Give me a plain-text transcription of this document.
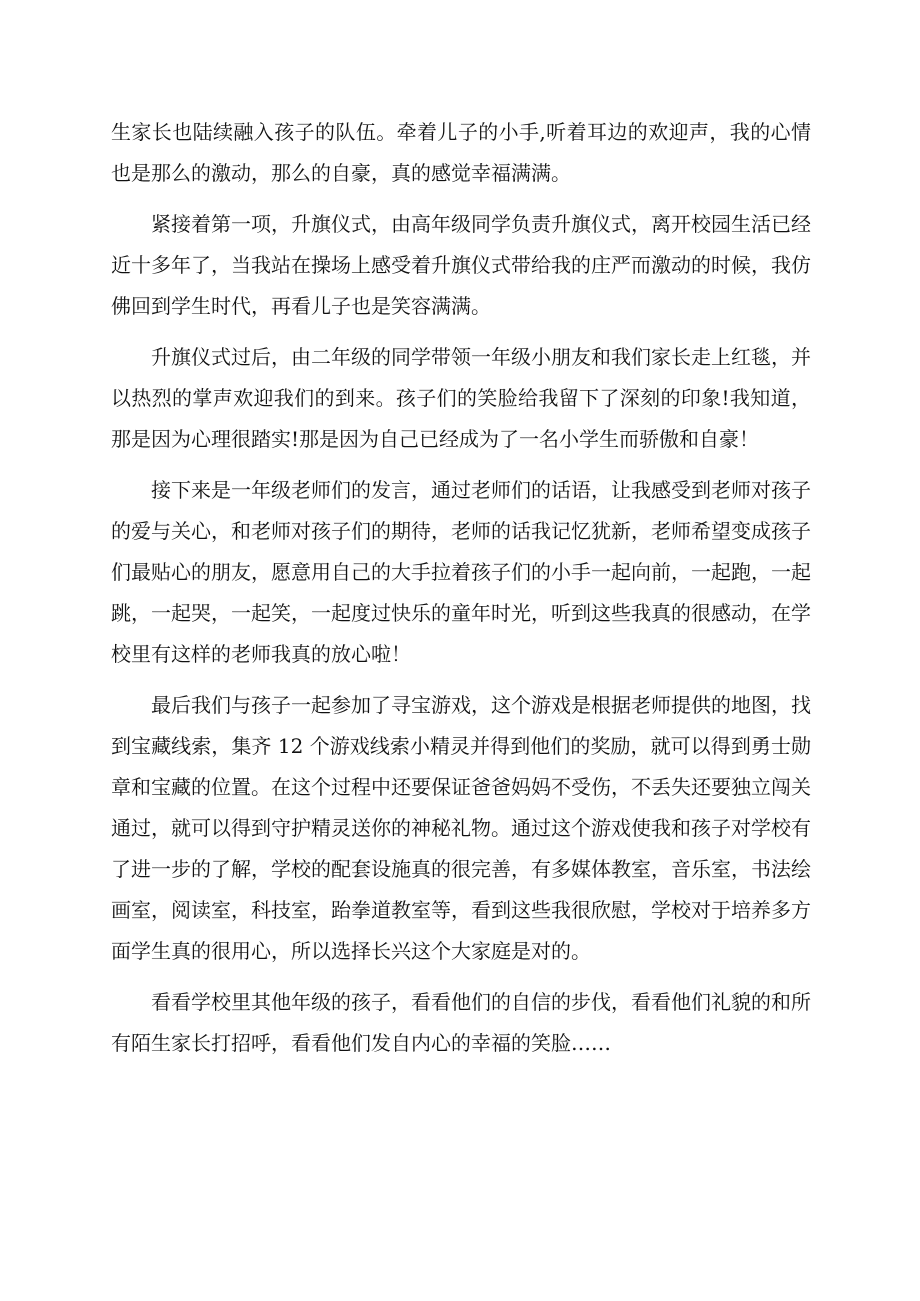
生家长也陆续融入孩子的队伍。牵着儿子的小手,听着耳边的欢迎声，我的心情也是那么的激动，那么的自豪，真的感觉幸福满满。

紧接着第一项，升旗仪式，由高年级同学负责升旗仪式，离开校园生活已经近十多年了，当我站在操场上感受着升旗仪式带给我的庄严而激动的时候，我仿佛回到学生时代，再看儿子也是笑容满满。

升旗仪式过后，由二年级的同学带领一年级小朋友和我们家长走上红毯，并以热烈的掌声欢迎我们的到来。孩子们的笑脸给我留下了深刻的印象!我知道，那是因为心理很踏实!那是因为自己已经成为了一名小学生而骄傲和自豪！

接下来是一年级老师们的发言，通过老师们的话语，让我感受到老师对孩子的爱与关心，和老师对孩子们的期待，老师的话我记忆犹新，老师希望变成孩子们最贴心的朋友，愿意用自己的大手拉着孩子们的小手一起向前，一起跑，一起跳，一起哭，一起笑，一起度过快乐的童年时光，听到这些我真的很感动，在学校里有这样的老师我真的放心啦！

最后我们与孩子一起参加了寻宝游戏，这个游戏是根据老师提供的地图，找到宝藏线索，集齐 12 个游戏线索小精灵并得到他们的奖励，就可以得到勇士勋章和宝藏的位置。在这个过程中还要保证爸爸妈妈不受伤，不丢失还要独立闯关通过，就可以得到守护精灵送你的神秘礼物。通过这个游戏使我和孩子对学校有了进一步的了解，学校的配套设施真的很完善，有多媒体教室，音乐室，书法绘画室，阅读室，科技室，跆拳道教室等，看到这些我很欣慰，学校对于培养多方面学生真的很用心，所以选择长兴这个大家庭是对的。

看看学校里其他年级的孩子，看看他们的自信的步伐，看看他们礼貌的和所有陌生家长打招呼，看看他们发自内心的幸福的笑脸……
